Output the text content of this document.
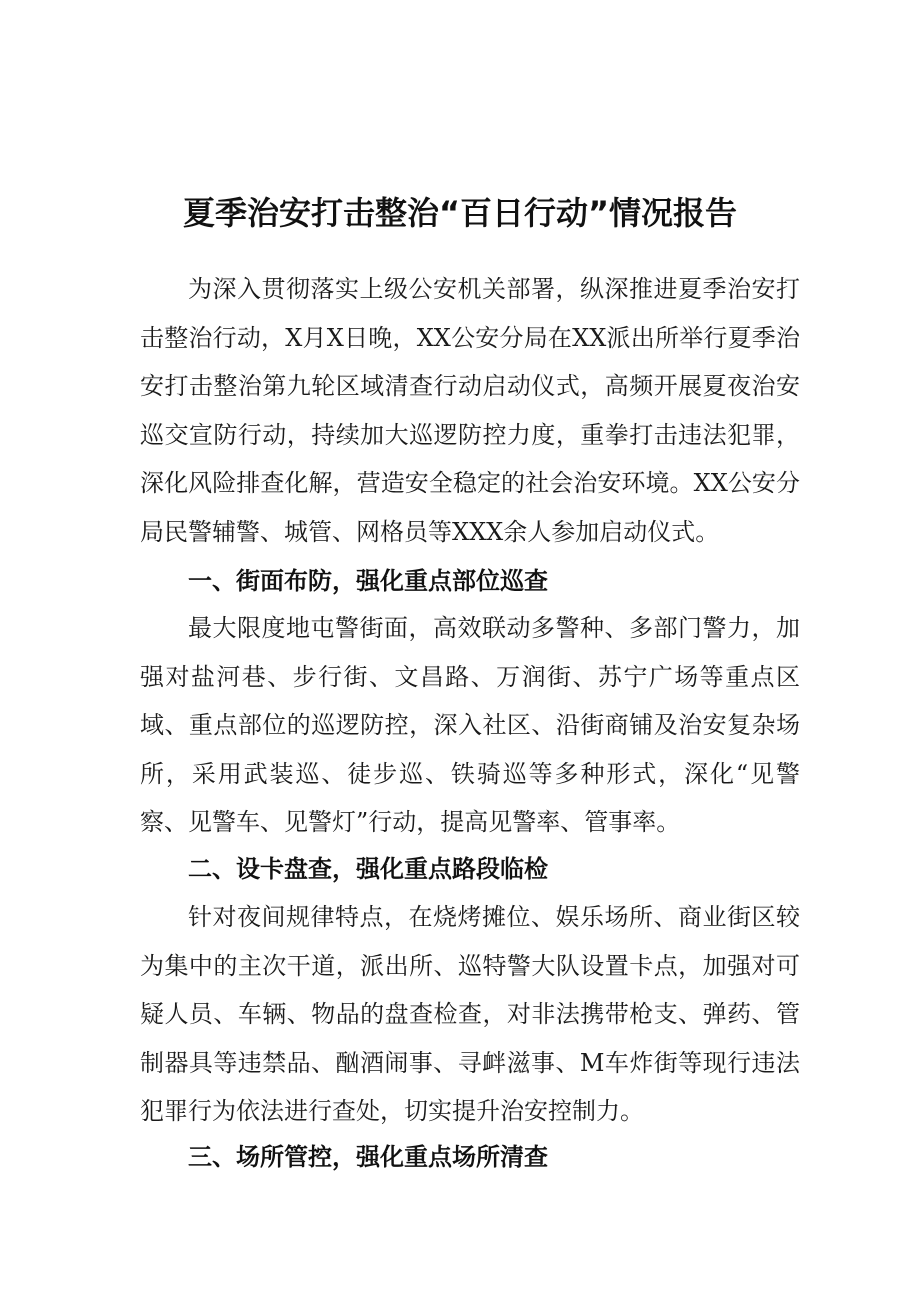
夏季治安打击整治“百日行动”情况报告

为深入贯彻落实上级公安机关部署，纵深推进夏季治安打击整治行动，X月X日晚，XX公安分局在XX派出所举行夏季治安打击整治第九轮区域清查行动启动仪式，高频开展夏夜治安巡交宣防行动，持续加大巡逻防控力度，重拳打击违法犯罪，深化风险排查化解，营造安全稳定的社会治安环境。XX公安分局民警辅警、城管、网格员等XXX余人参加启动仪式。

一、街面布防，强化重点部位巡查

最大限度地屯警街面，高效联动多警种、多部门警力，加强对盐河巷、步行街、文昌路、万润街、苏宁广场等重点区域、重点部位的巡逻防控，深入社区、沿街商铺及治安复杂场所，采用武装巡、徒步巡、铁骑巡等多种形式，深化“见警察、见警车、见警灯”行动，提高见警率、管事率。

二、设卡盘查，强化重点路段临检

针对夜间规律特点，在烧烤摊位、娱乐场所、商业街区较为集中的主次干道，派出所、巡特警大队设置卡点，加强对可疑人员、车辆、物品的盘查检查，对非法携带枪支、弹药、管制器具等违禁品、酗酒闹事、寻衅滋事、M车炸街等现行违法犯罪行为依法进行查处，切实提升治安控制力。

三、场所管控，强化重点场所清查
